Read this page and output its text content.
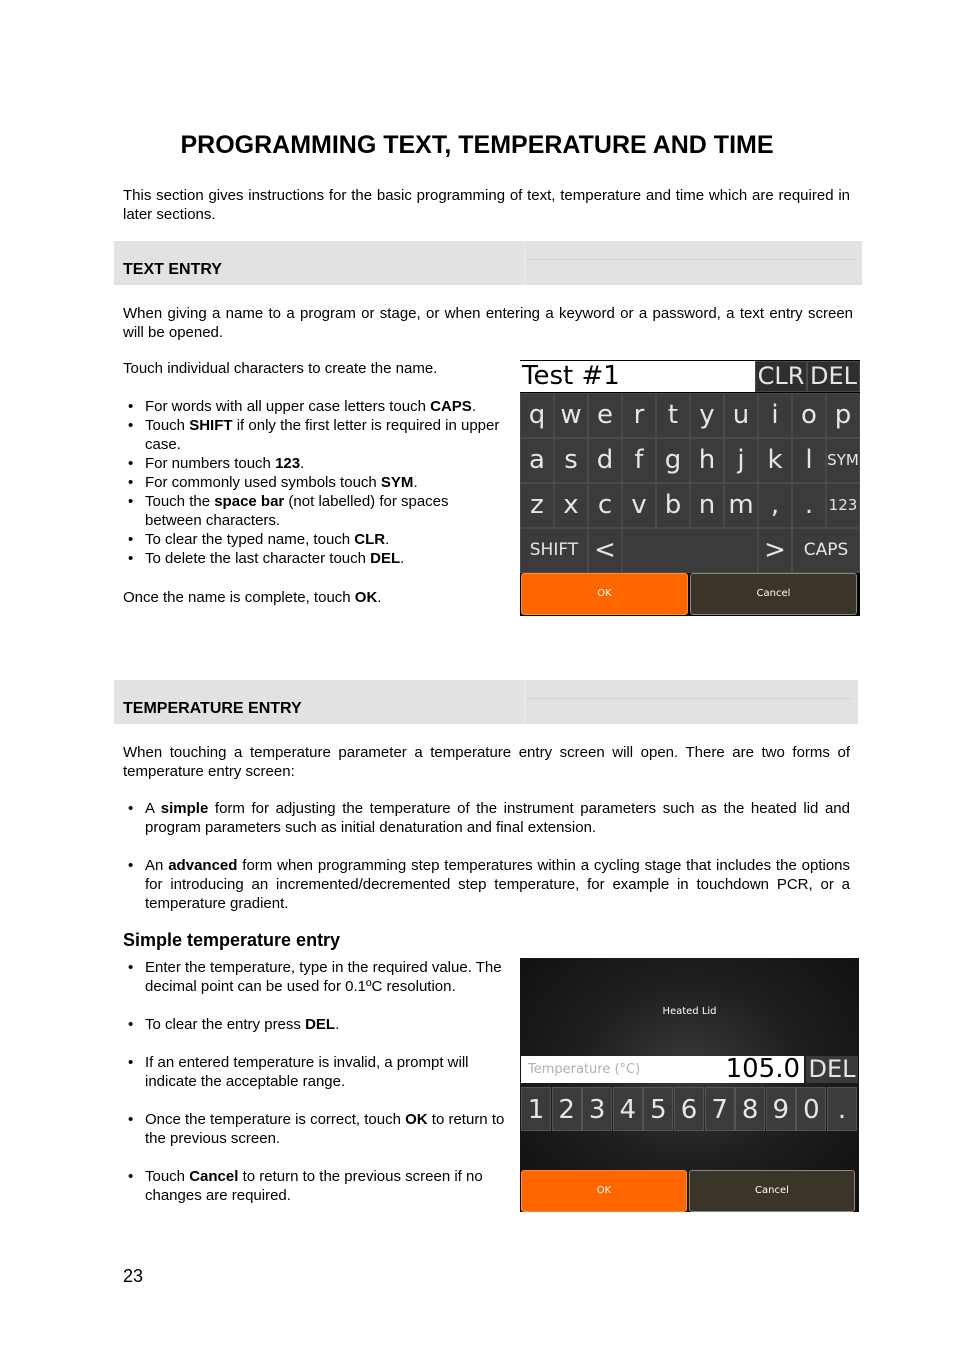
PROGRAMMING TEXT, TEMPERATURE AND TIME

This section gives instructions for the basic programming of text, temperature and time which are required in later sections.

TEXT ENTRY

When giving a name to a program or stage, or when entering a keyword or a password, a text entry screen will be opened.

Touch individual characters to create the name.

• For words with all upper case letters touch CAPS.
• Touch SHIFT if only the first letter is required in upper case.
• For numbers touch 123.
• For commonly used symbols touch SYM.
• Touch the space bar (not labelled) for spaces between characters.
• To clear the typed name, touch CLR.
• To delete the last character touch DEL.

Once the name is complete, touch OK.

Test #1	CLR DEL
q w e r t y u i o p
a s d f g h j k l SYM
z x c v b n m , .	123
SHIFT <	>	CAPS
OK	Cancel
TEMPERATURE ENTRY

When touching a temperature parameter a temperature entry screen will open. There are two forms of temperature entry screen:

• A simple form for adjusting the temperature of the instrument parameters such as the heated lid and program parameters such as initial denaturation and final extension.
• An advanced form when programming step temperatures within a cycling stage that includes the options for introducing an incremented/decremented step temperature, for example in touchdown PCR, or a temperature gradient.
Simple temperature entry
• Enter the temperature, type in the required value. The decimal point can be used for 0.1ºC resolution.
• To clear the entry press DEL.
• If an entered temperature is invalid, a prompt will indicate the acceptable range.
• Once the temperature is correct, touch OK to return to the previous screen.
• Touch Cancel to return to the previous screen if no changes are required.
Heated Lid
Temperature (°C)	105.0 DEL
1 2 3 4 5 6 7 8 9 0 .
OK	Cancel
23
